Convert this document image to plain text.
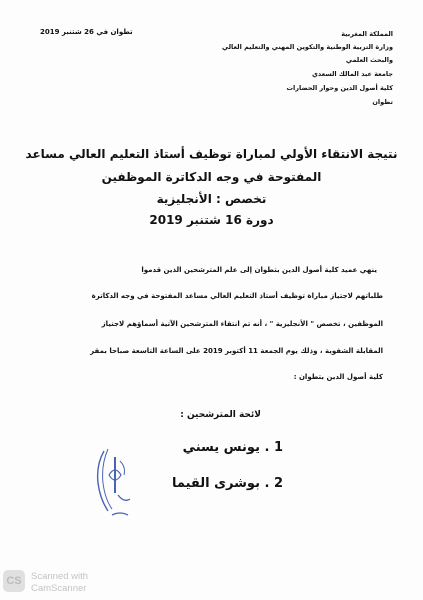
تطوان في 26 شتنبر 2019	المملكة المغربية
وزارة التربية الوطنية والتكوين المهني والتعليم العالي
والبحث العلمي
جامعة عبد المالك السعدي
كلية أصول الدين وحوار الحضارات
تطوان
نتيجة الانتقاء الأولي لمباراة توظيف أستاذ التعليم العالي مساعد
المفتوحة في وجه الدكاترة الموظفين
تخصص : الأنجليزية
دورة 16 شتنبر 2019
ينهي عميد كلية أصول الدين بتطوان إلى علم المترشحين الذين قدموا
طلباتهم لاجتياز مباراة توظيف أستاذ التعليم العالي مساعد المفتوحة في وجه الدكاترة
الموظفين ، تخصص " الأنجليزية " ، أنه تم انتقاء المترشحين الآتية أسماؤهم لاجتياز
المقابلة الشفوية ، وذلك يوم الجمعة 11 أكتوبر 2019 على الساعة التاسعة صباحا بمقر
كلية أصول الدين بتطوان :
لائحة المترشحين :
1 . يونس يسني
2 . بوشرى القيما
CS Scanned with
CamScanner
